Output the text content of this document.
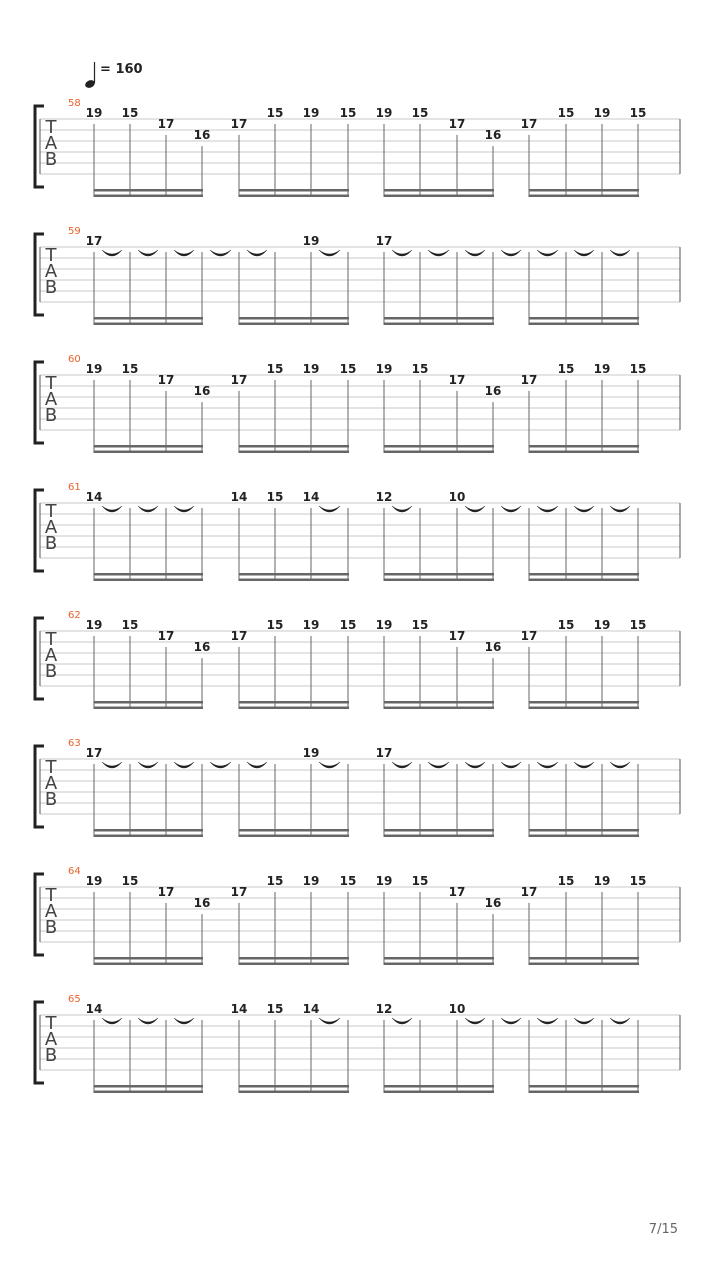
= 160
T
A
B
58
19 15
17
16
17
15 19 15 19 15
17
16
17
15 19 15
T
A
B
59
17	19	17
T
A
B
60
19 15
17
16
17
15 19 15 19 15
17
16
17
15 19 15
T
A
B
61
14	14 15 14	12	10
T
A
B
62
19 15
17
16
17
15 19 15 19 15
17
16
17
15 19 15
T
A
B
63
17	19	17
T
A
B
64
19 15
17
16
17
15 19 15 19 15
17
16
17
15 19 15
T
A
B
65
14	14 15 14	12	10
7/15
